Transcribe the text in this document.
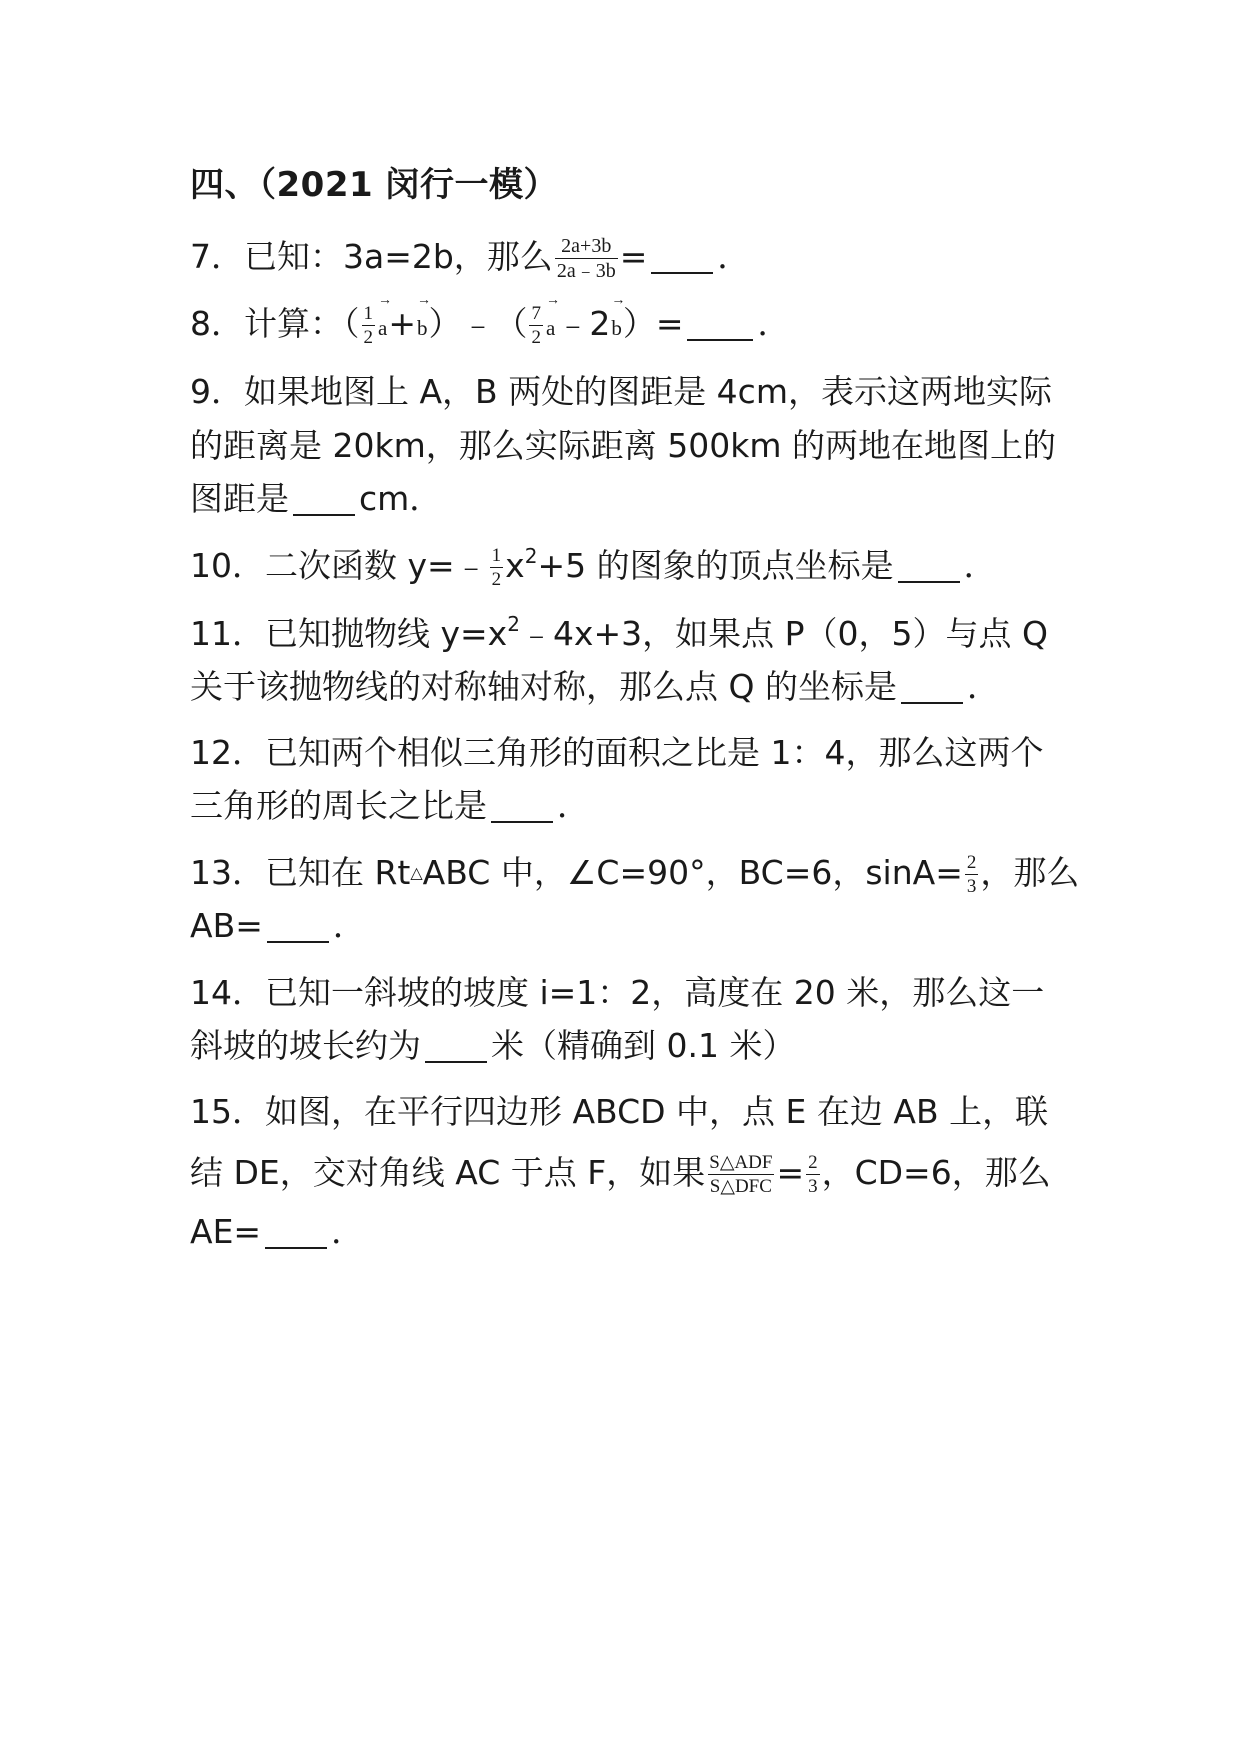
四、（2021 闵行一模）
7．已知：3a=2b，那么 $\frac{2a+3b}{2a﹣3b}$ = ．
8．计算：（ $\frac{1}{2}$
→
a+
→
b）﹣（ $\frac{7}{2}$
→
a﹣2
→
b）= ．
9．如果地图上 A，B 两处的图距是 4cm，表示这两地实际
的距离是 20km，那么实际距离 500km 的两地在地图上的
图距是 cm．
10．二次函数 y=﹣ $\frac{1}{2} x^2+5$ 的图象的顶点坐标是 ．
11．已知抛物线 $y=x^2﹣4x+3$，如果点 P（0，5）与点 Q
关于该抛物线的对称轴对称，那么点 Q 的坐标是 ．
12．已知两个相似三角形的面积之比是 1：4，那么这两个
三角形的周长之比是 ．
13．已知在 Rt△ABC 中，∠C=90°，BC=6，$\sin A= \frac{2}{3}$ ，那么
AB= ．
14．已知一斜坡的坡度 i=1：2，高度在 20 米，那么这一
斜坡的坡长约为 米（精确到 0.1 米）
15．如图，在平行四边形 ABCD 中，点 E 在边 AB 上，联
结 DE，交对角线 AC 于点 F，如果 $\frac{\text{S△ADF}}{\text{S△DFC}} = \frac{2}{3}$ ，CD=6，那么
AE= ．
